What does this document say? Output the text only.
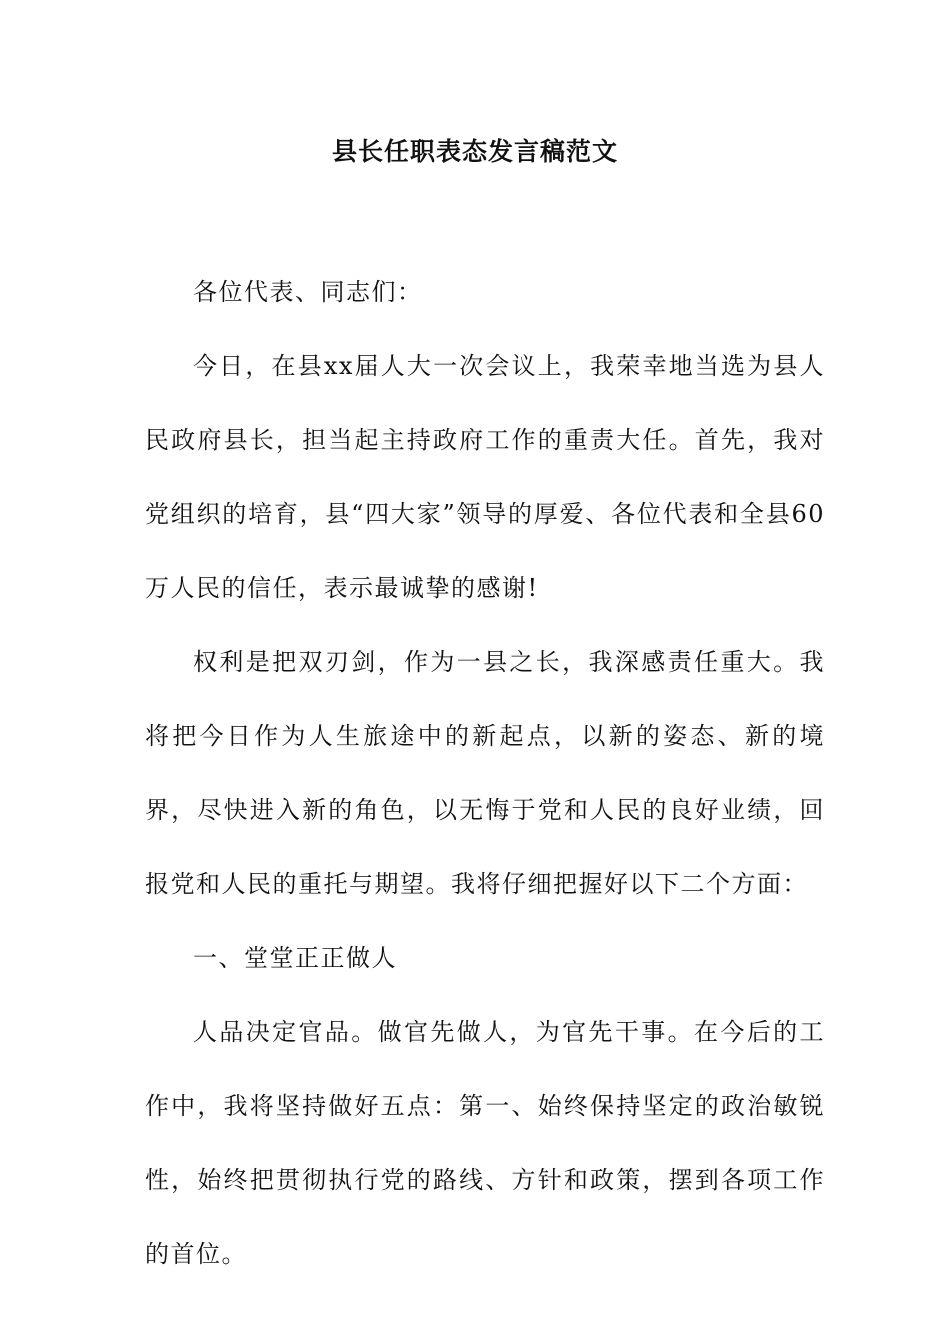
县长任职表态发言稿范文

各位代表、同志们：

今日，在县xx届人大一次会议上，我荣幸地当选为县人民政府县长，担当起主持政府工作的重责大任。首先，我对党组织的培育，县“四大家”领导的厚爱、各位代表和全县60万人民的信任，表示最诚挚的感谢!

权利是把双刃剑，作为一县之长，我深感责任重大。我将把今日作为人生旅途中的新起点，以新的姿态、新的境界，尽快进入新的角色，以无悔于党和人民的良好业绩，回报党和人民的重托与期望。我将仔细把握好以下二个方面：

一、堂堂正正做人

人品决定官品。做官先做人，为官先干事。在今后的工作中，我将坚持做好五点：第一、始终保持坚定的政治敏锐性，始终把贯彻执行党的路线、方针和政策，摆到各项工作的首位。
